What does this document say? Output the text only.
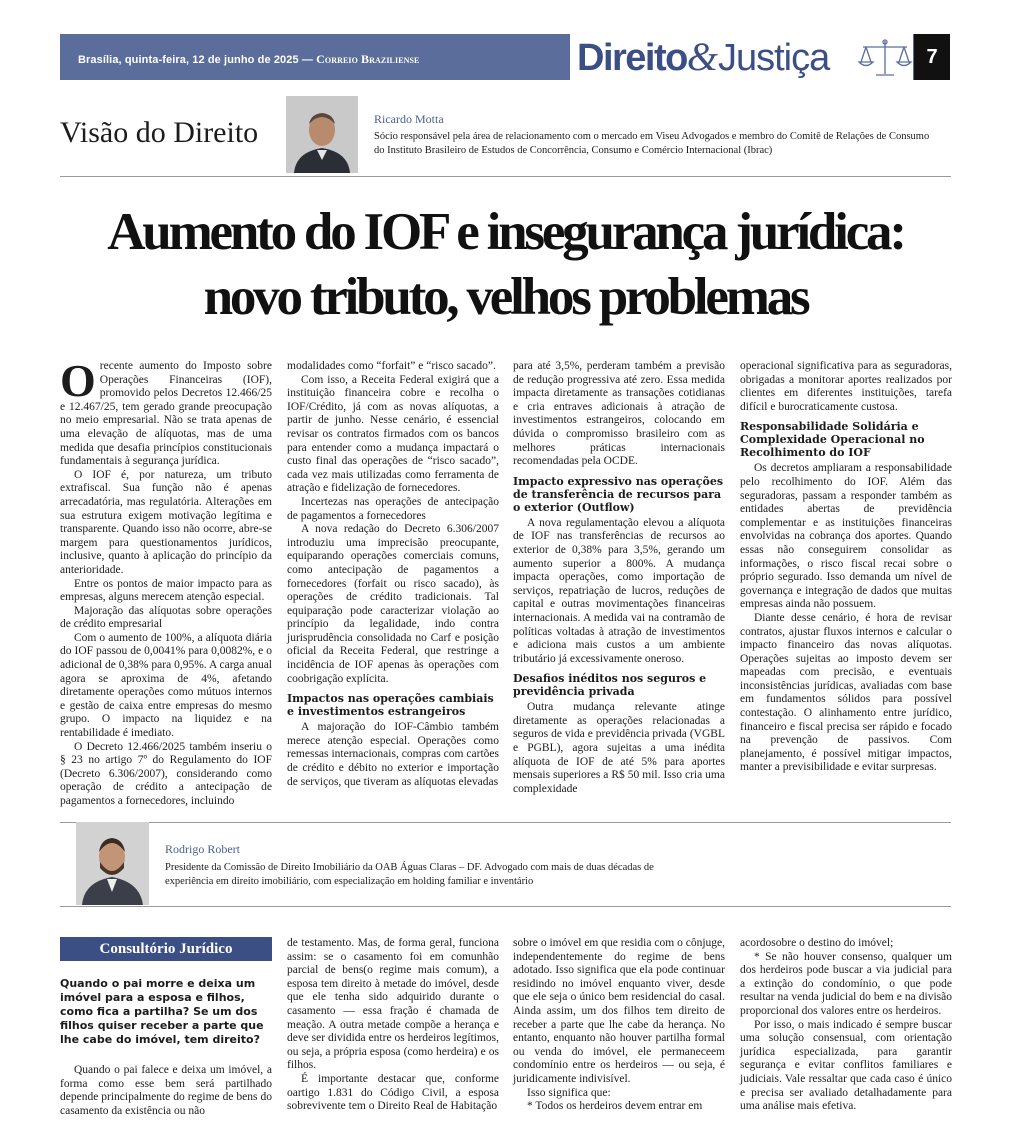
Brasília, quinta-feira, 12 de junho de 2025 — Correio Braziliense	Direito&Justiça	7
Visão do Direito	Ricardo Motta
Sócio responsável pela área de relacionamento com o mercado em Viseu Advogados e membro do Comitê de Relações de Consumo do Instituto Brasileiro de Estudos de Concorrência, Consumo e Comércio Internacional (Ibrac)
Aumento do IOF e insegurança jurídica:
novo tributo, velhos problemas

Orecente aumento do Imposto sobre Operações Financeiras (IOF), promovido pelos Decretos 12.466/25 e 12.467/25, tem gerado grande preocupação no meio empresarial. Não se trata apenas de uma elevação de alíquotas, mas de uma medida que desafia princípios constitucionais fundamentais à segurança jurídica.

O IOF é, por natureza, um tributo extrafiscal. Sua função não é apenas arrecadatória, mas regulatória. Alterações em sua estrutura exigem motivação legítima e transparente. Quando isso não ocorre, abre-se margem para questionamentos jurídicos, inclusive, quanto à aplicação do princípio da anterioridade.

Entre os pontos de maior impacto para as empresas, alguns merecem atenção especial.

Majoração das alíquotas sobre operações de crédito empresarial

Com o aumento de 100%, a alíquota diária do IOF passou de 0,0041% para 0,0082%, e o adicional de 0,38% para 0,95%. A carga anual agora se aproxima de 4%, afetando diretamente operações como mútuos internos e gestão de caixa entre empresas do mesmo grupo. O impacto na liquidez e na rentabilidade é imediato.

O Decreto 12.466/2025 também inseriu o § 23 no artigo 7º do Regulamento do IOF (Decreto 6.306/2007), considerando como operação de crédito a antecipação de pagamentos a fornecedores, incluindo

modalidades como “forfait” e “risco sacado”.

Com isso, a Receita Federal exigirá que a instituição financeira cobre e recolha o IOF/Crédito, já com as novas alíquotas, a partir de junho. Nesse cenário, é essencial revisar os contratos firmados com os bancos para entender como a mudança impactará o custo final das operações de “risco sacado”, cada vez mais utilizadas como ferramenta de atração e fidelização de fornecedores.

Incertezas nas operações de antecipação de pagamentos a fornecedores

A nova redação do Decreto 6.306/2007 introduziu uma imprecisão preocupante, equiparando operações comerciais comuns, como antecipação de pagamentos a fornecedores (forfait ou risco sacado), às operações de crédito tradicionais. Tal equiparação pode caracterizar violação ao princípio da legalidade, indo contra jurisprudência consolidada no Carf e posição oficial da Receita Federal, que restringe a incidência de IOF apenas às operações com coobrigação explícita.

Impactos nas operações cambiais e investimentos estrangeiros

A majoração do IOF-Câmbio também merece atenção especial. Operações como remessas internacionais, compras com cartões de crédito e débito no exterior e importação de serviços, que tiveram as alíquotas elevadas

para até 3,5%, perderam também a previsão de redução progressiva até zero. Essa medida impacta diretamente as transações cotidianas e cria entraves adicionais à atração de investimentos estrangeiros, colocando em dúvida o compromisso brasileiro com as melhores práticas internacionais recomendadas pela OCDE.

Impacto expressivo nas operações de transferência de recursos para o exterior (Outflow)

A nova regulamentação elevou a alíquota de IOF nas transferências de recursos ao exterior de 0,38% para 3,5%, gerando um aumento superior a 800%. A mudança impacta operações, como importação de serviços, repatriação de lucros, reduções de capital e outras movimentações financeiras internacionais. A medida vai na contramão de políticas voltadas à atração de investimentos e adiciona mais custos a um ambiente tributário já excessivamente oneroso.

Desafios inéditos nos seguros e previdência privada

Outra mudança relevante atinge diretamente as operações relacionadas a seguros de vida e previdência privada (VGBL e PGBL), agora sujeitas a uma inédita alíquota de IOF de até 5% para aportes mensais superiores a R$ 50 mil. Isso cria uma complexidade

operacional significativa para as seguradoras, obrigadas a monitorar aportes realizados por clientes em diferentes instituições, tarefa difícil e burocraticamente custosa.

Responsabilidade Solidária e Complexidade Operacional no Recolhimento do IOF

Os decretos ampliaram a responsabilidade pelo recolhimento do IOF. Além das seguradoras, passam a responder também as entidades abertas de previdência complementar e as instituições financeiras envolvidas na cobrança dos aportes. Quando essas não conseguirem consolidar as informações, o risco fiscal recai sobre o próprio segurado. Isso demanda um nível de governança e integração de dados que muitas empresas ainda não possuem.

Diante desse cenário, é hora de revisar contratos, ajustar fluxos internos e calcular o impacto financeiro das novas alíquotas. Operações sujeitas ao imposto devem ser mapeadas com precisão, e eventuais inconsistências jurídicas, avaliadas com base em fundamentos sólidos para possível contestação. O alinhamento entre jurídico, financeiro e fiscal precisa ser rápido e focado na prevenção de passivos. Com planejamento, é possível mitigar impactos, manter a previsibilidade e evitar surpresas.

Rodrigo Robert
Presidente da Comissão de Direito Imobiliário da OAB Águas Claras – DF. Advogado com mais de duas décadas de experiência em direito imobiliário, com especialização em holding familiar e inventário
Consultório Jurídico
Quando o pai morre e deixa um imóvel para a esposa e filhos, como fica a partilha? Se um dos filhos quiser receber a parte que lhe cabe do imóvel, tem direito?

Quando o pai falece e deixa um imóvel, a forma como esse bem será partilhado depende principalmente do regime de bens do casamento da existência ou não

de testamento. Mas, de forma geral, funciona assim: se o casamento foi em comunhão parcial de bens(o regime mais comum), a esposa tem direito à metade do imóvel, desde que ele tenha sido adquirido durante o casamento — essa fração é chamada de meação. A outra metade compõe a herança e deve ser dividida entre os herdeiros legítimos, ou seja, a própria esposa (como herdeira) e os filhos.

É importante destacar que, conforme oartigo 1.831 do Código Civil, a esposa sobrevivente tem o Direito Real de Habitação

sobre o imóvel em que residia com o cônjuge, independentemente do regime de bens adotado. Isso significa que ela pode continuar residindo no imóvel enquanto viver, desde que ele seja o único bem residencial do casal. Ainda assim, um dos filhos tem direito de receber a parte que lhe cabe da herança. No entanto, enquanto não houver partilha formal ou venda do imóvel, ele permaneceem condomínio entre os herdeiros — ou seja, é juridicamente indivisível.

Isso significa que:

* Todos os herdeiros devem entrar em

acordosobre o destino do imóvel;

* Se não houver consenso, qualquer um dos herdeiros pode buscar a via judicial para a extinção do condomínio, o que pode resultar na venda judicial do bem e na divisão proporcional dos valores entre os herdeiros.

Por isso, o mais indicado é sempre buscar uma solução consensual, com orientação jurídica especializada, para garantir segurança e evitar conflitos familiares e judiciais. Vale ressaltar que cada caso é único e precisa ser avaliado detalhadamente para uma análise mais efetiva.
